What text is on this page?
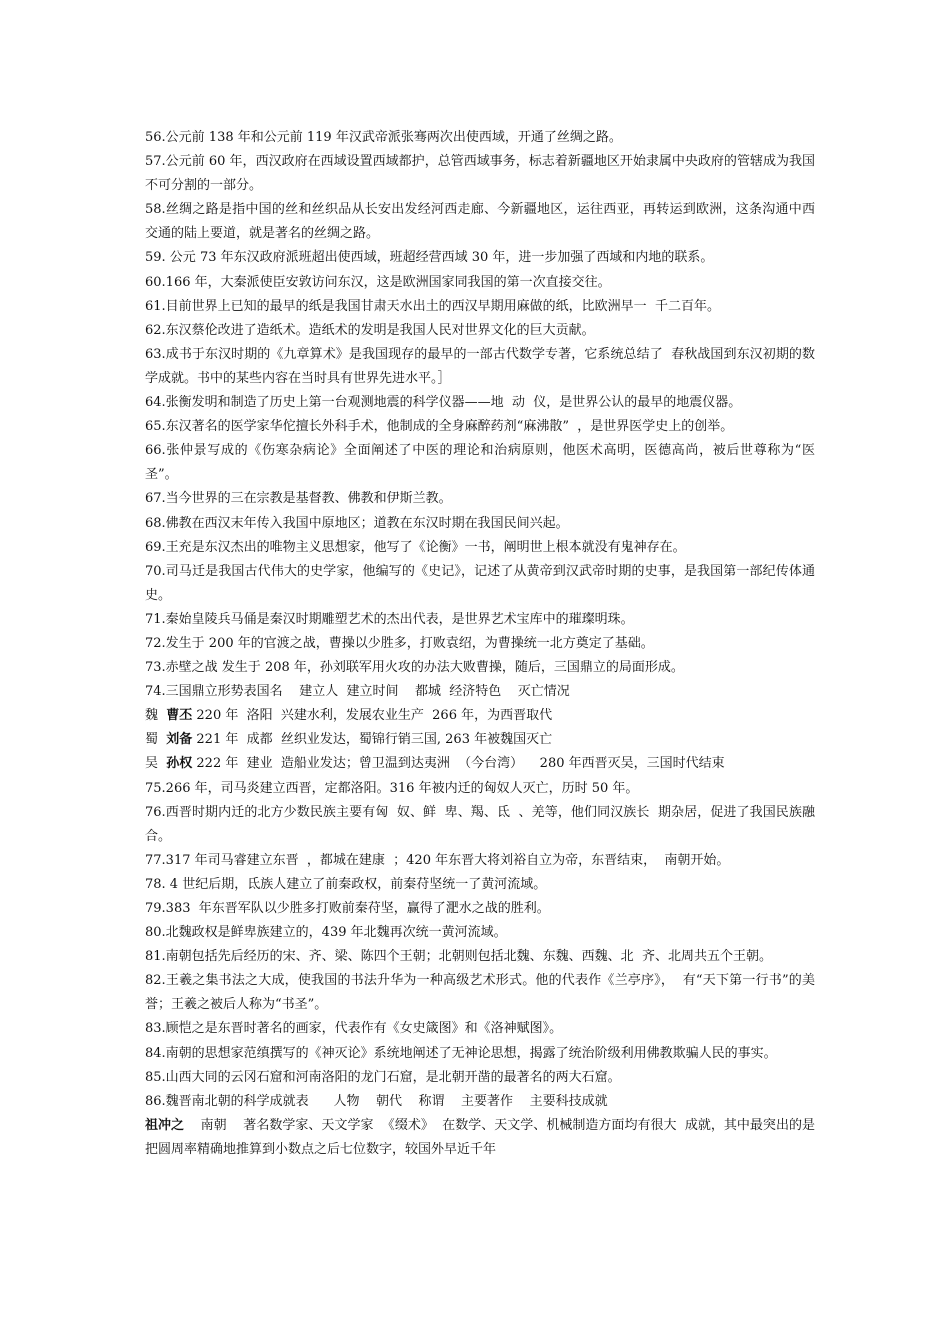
56.公元前 138 年和公元前 119 年汉武帝派张骞两次出使西域，开通了丝绸之路。

57.公元前 60 年，西汉政府在西域设置西域都护，总管西域事务，标志着新疆地区开始隶属中央政府的管辖成为我国不可分割的一部分。

58.丝绸之路是指中国的丝和丝织品从长安出发经河西走廊、今新疆地区，运往西亚，再转运到欧洲，这条沟通中西交通的陆上要道，就是著名的丝绸之路。

59. 公元 73 年东汉政府派班超出使西域，班超经营西域 30 年，进一步加强了西域和内地的联系。

60.166 年，大秦派使臣安敦访问东汉，这是欧洲国家同我国的第一次直接交往。

61.目前世界上已知的最早的纸是我国甘肃天水出土的西汉早期用麻做的纸，比欧洲早一  千二百年。

62.东汉蔡伦改进了造纸术。造纸术的发明是我国人民对世界文化的巨大贡献。

63.成书于东汉时期的《九章算术》是我国现存的最早的一部古代数学专著，它系统总结了  春秋战国到东汉初期的数学成就。书中的某些内容在当时具有世界先进水平。］

64.张衡发明和制造了历史上第一台观测地震的科学仪器——地  动  仪，是世界公认的最早的地震仪器。

65.东汉著名的医学家华佗擅长外科手术，他制成的全身麻醉药剂“麻沸散”  ，是世界医学史上的创举。

66.张仲景写成的《伤寒杂病论》全面阐述了中医的理论和治病原则，他医术高明，医德高尚，被后世尊称为“医圣”。

67.当今世界的三在宗教是基督教、佛教和伊斯兰教。

68.佛教在西汉末年传入我国中原地区；道教在东汉时期在我国民间兴起。

69.王充是东汉杰出的唯物主义思想家，他写了《论衡》一书，阐明世上根本就没有鬼神存在。

70.司马迁是我国古代伟大的史学家，他编写的《史记》，记述了从黄帝到汉武帝时期的史事，是我国第一部纪传体通史。

71.秦始皇陵兵马俑是秦汉时期雕塑艺术的杰出代表，是世界艺术宝库中的璀璨明珠。

72.发生于 200 年的官渡之战，曹操以少胜多，打败袁绍，为曹操统一北方奠定了基础。

73.赤壁之战 发生于 208 年，孙刘联军用火攻的办法大败曹操，随后，三国鼎立的局面形成。

74.三国鼎立形势表国名    建立人  建立时间    都城  经济特色    灭亡情况

魏  曹丕 220 年  洛阳  兴建水利，发展农业生产  266 年，为西晋取代

蜀  刘备 221 年  成都  丝织业发达，蜀锦行销三国, 263 年被魏国灭亡

吴  孙权 222 年  建业  造船业发达；曾卫温到达夷洲  （今台湾）    280 年西晋灭吴，三国时代结束

75.266 年，司马炎建立西晋，定都洛阳。316 年被内迁的匈奴人灭亡，历时 50 年。

76.西晋时期内迁的北方少数民族主要有匈  奴、鲜  卑、羯、氐  、羌等，他们同汉族长  期杂居，促进了我国民族融合。

77.317 年司马睿建立东晋  ，都城在建康  ；420 年东晋大将刘裕自立为帝，东晋结束，  南朝开始。

78. 4 世纪后期，氐族人建立了前秦政权，前秦苻坚统一了黄河流域。

79.383  年东晋军队以少胜多打败前秦苻坚，赢得了淝水之战的胜利。

80.北魏政权是鲜卑族建立的，439 年北魏再次统一黄河流域。

81.南朝包括先后经历的宋、齐、梁、陈四个王朝；北朝则包括北魏、东魏、西魏、北  齐、北周共五个王朝。

82.王羲之集书法之大成，使我国的书法升华为一种高级艺术形式。他的代表作《兰亭序》，  有“天下第一行书”的美誉；王羲之被后人称为“书圣”。

83.顾恺之是东晋时著名的画家，代表作有《女史箴图》和《洛神赋图》。

84.南朝的思想家范缜撰写的《神灭论》系统地阐述了无神论思想，揭露了统治阶级利用佛教欺骗人民的事实。

85.山西大同的云冈石窟和河南洛阳的龙门石窟，是北朝开凿的最著名的两大石窟。

86.魏晋南北朝的科学成就表      人物    朝代    称谓    主要著作    主要科技成就

祖冲之    南朝    著名数学家、天文学家  《缀术》  在数学、天文学、机械制造方面均有很大  成就，其中最突出的是把圆周率精确地推算到小数点之后七位数字，较国外早近千年
